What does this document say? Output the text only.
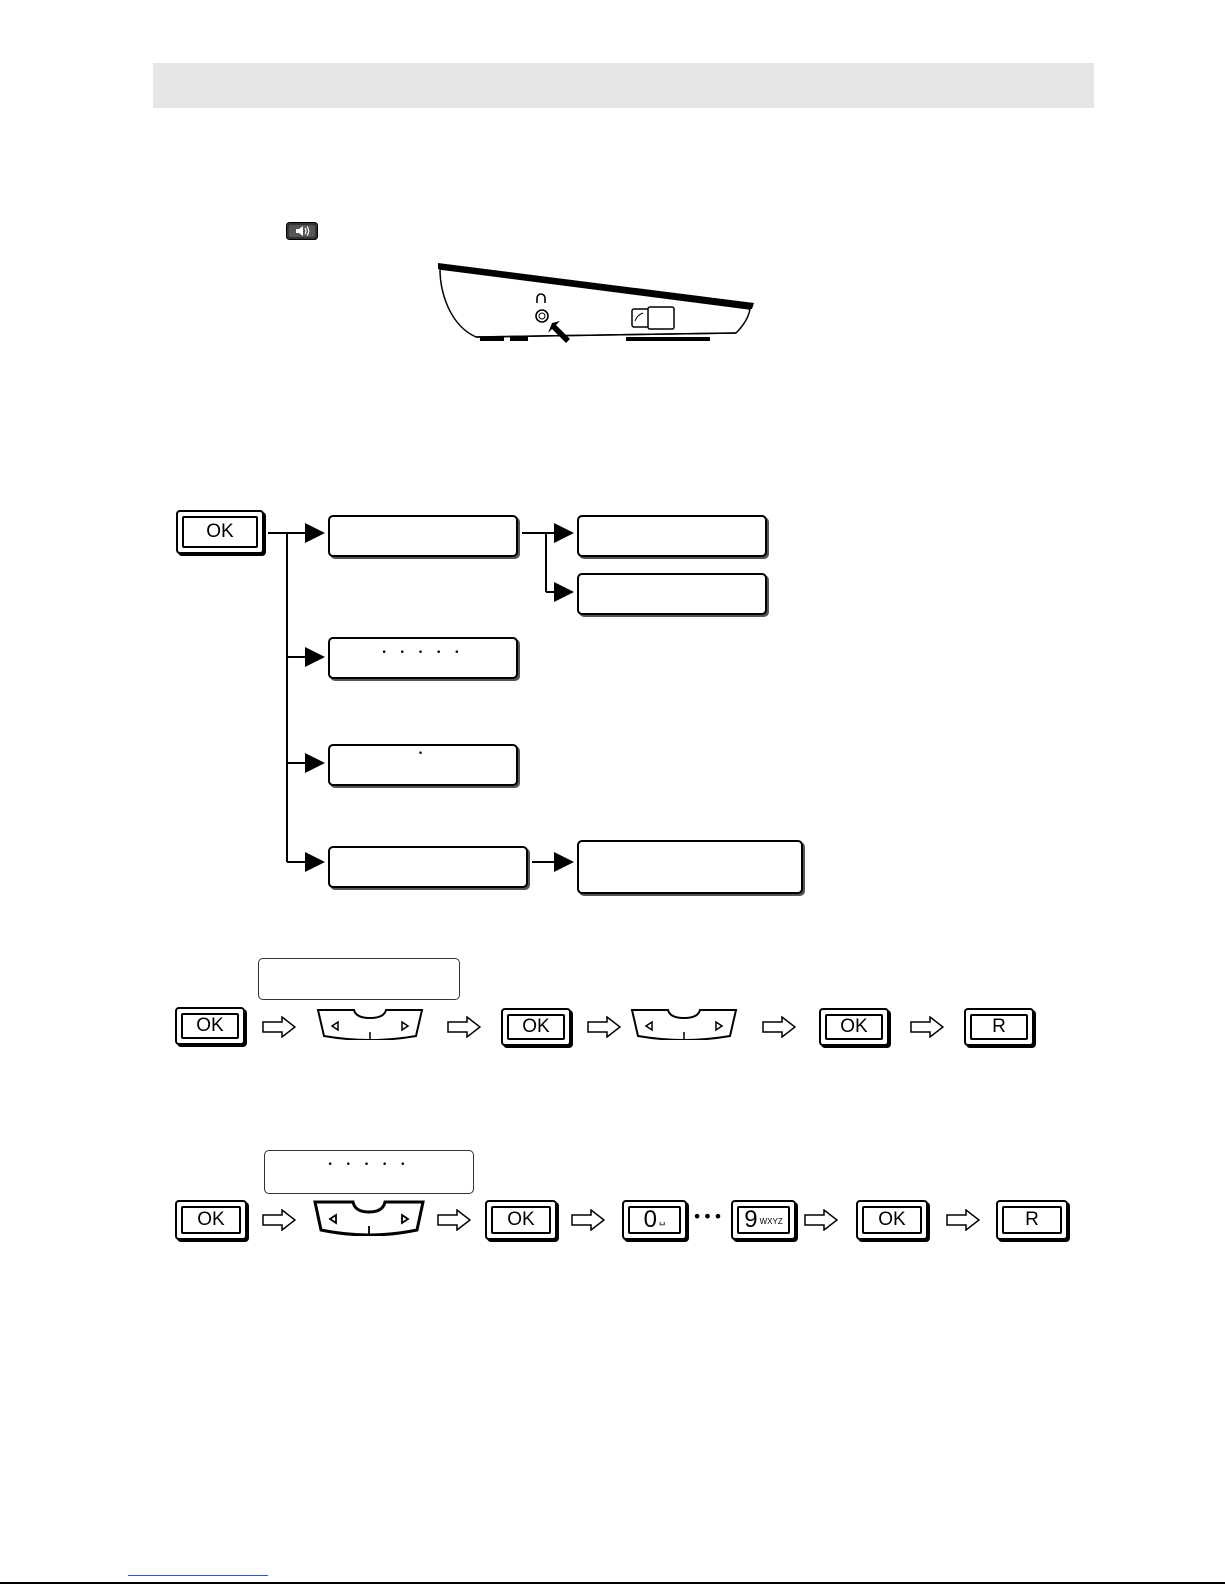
OK
• • • • •
•
OK	OK	OK	R
• • • • •
OK	OK	0 ␣ ••• 9 WXYZ	OK	R
